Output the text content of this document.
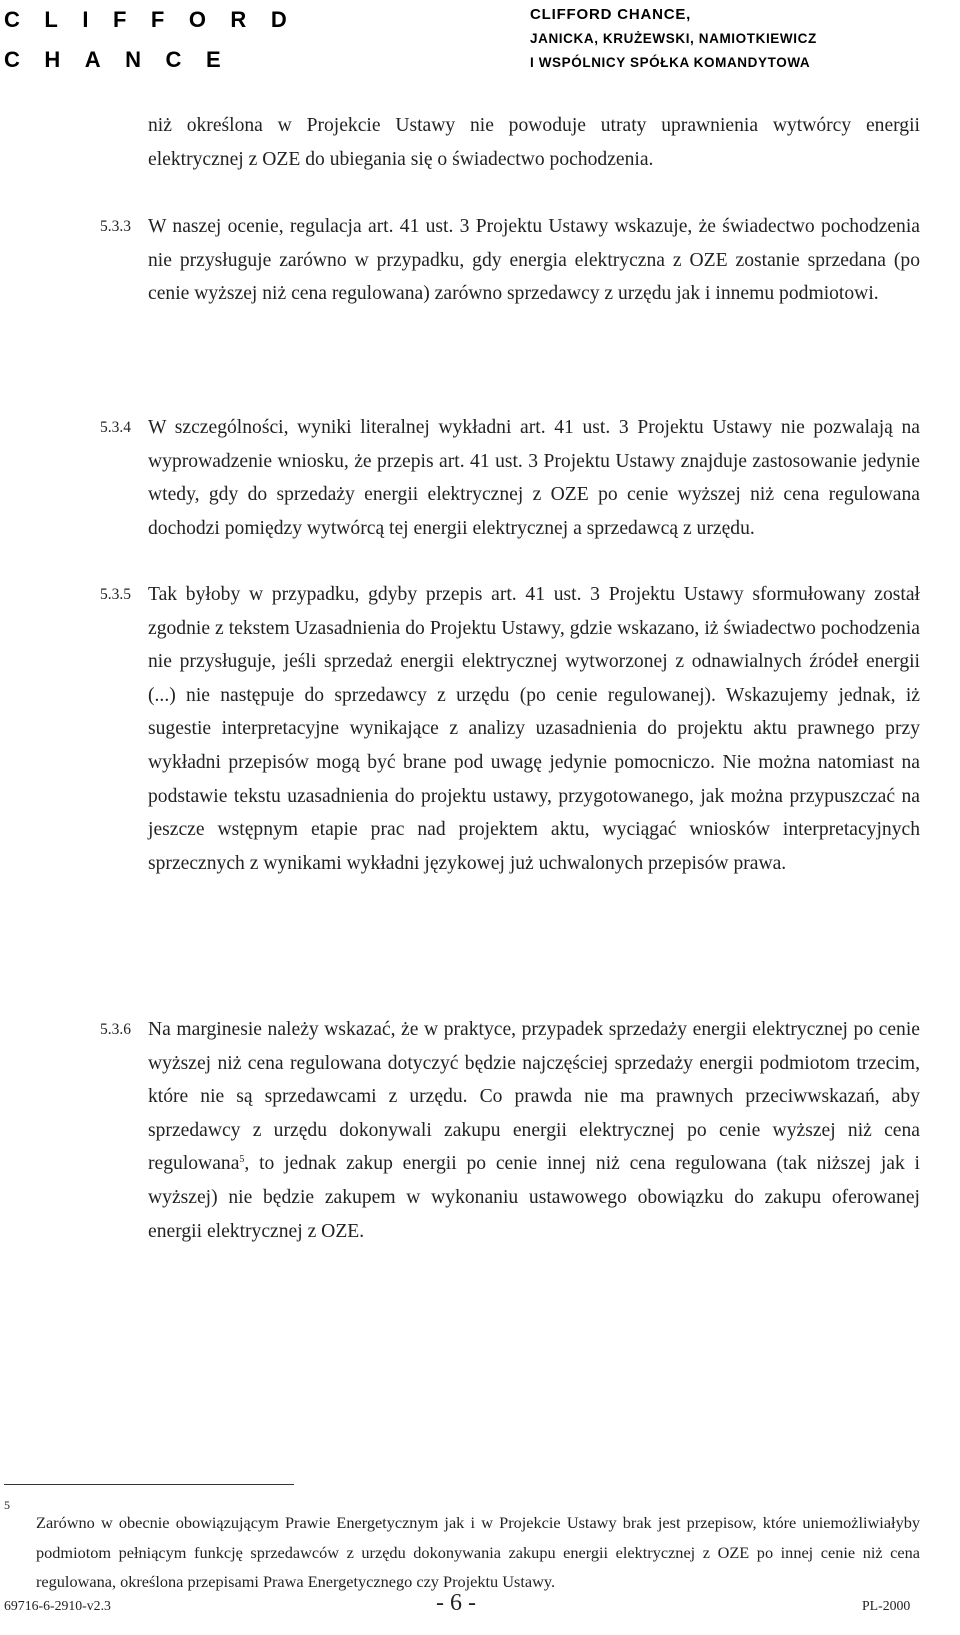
CLIFFORD
CHANCE
CLIFFORD CHANCE,
JANICKA, KRUŻEWSKI, NAMIOTKIEWICZ
I WSPÓLNICY SPÓŁKA KOMANDYTOWA
niż określona w Projekcie Ustawy nie powoduje utraty uprawnienia wytwórcy energii elektrycznej z OZE do ubiegania się o świadectwo pochodzenia.
5.3.3 W naszej ocenie, regulacja art. 41 ust. 3 Projektu Ustawy wskazuje, że świadectwo pochodzenia nie przysługuje zarówno w przypadku, gdy energia elektryczna z OZE zostanie sprzedana (po cenie wyższej niż cena regulowana) zarówno sprzedawcy z urzędu jak i innemu podmiotowi.
5.3.4 W szczególności, wyniki literalnej wykładni art. 41 ust. 3 Projektu Ustawy nie pozwalają na wyprowadzenie wniosku, że przepis art. 41 ust. 3 Projektu Ustawy znajduje zastosowanie jedynie wtedy, gdy do sprzedaży energii elektrycznej z OZE po cenie wyższej niż cena regulowana dochodzi pomiędzy wytwórcą tej energii elektrycznej a sprzedawcą z urzędu.
5.3.5 Tak byłoby w przypadku, gdyby przepis art. 41 ust. 3 Projektu Ustawy sformułowany został zgodnie z tekstem Uzasadnienia do Projektu Ustawy, gdzie wskazano, iż świadectwo pochodzenia nie przysługuje, jeśli sprzedaż energii elektrycznej wytworzonej z odnawialnych źródeł energii (...) nie następuje do sprzedawcy z urzędu (po cenie regulowanej). Wskazujemy jednak, iż sugestie interpretacyjne wynikające z analizy uzasadnienia do projektu aktu prawnego przy wykładni przepisów mogą być brane pod uwagę jedynie pomocniczo. Nie można natomiast na podstawie tekstu uzasadnienia do projektu ustawy, przygotowanego, jak można przypuszczać na jeszcze wstępnym etapie prac nad projektem aktu, wyciągać wniosków interpretacyjnych sprzecznych z wynikami wykładni językowej już uchwalonych przepisów prawa.
5.3.6 Na marginesie należy wskazać, że w praktyce, przypadek sprzedaży energii elektrycznej po cenie wyższej niż cena regulowana dotyczyć będzie najczęściej sprzedaży energii podmiotom trzecim, które nie są sprzedawcami z urzędu. Co prawda nie ma prawnych przeciwwskazań, aby sprzedawcy z urzędu dokonywali zakupu energii elektrycznej po cenie wyższej niż cena regulowana$^5$, to jednak zakup energii po cenie innej niż cena regulowana (tak niższej jak i wyższej) nie będzie zakupem w wykonaniu ustawowego obowiązku do zakupu oferowanej energii elektrycznej z OZE.
5
Zarówno w obecnie obowiązującym Prawie Energetycznym jak i w Projekcie Ustawy brak jest przepisow, które uniemożliwiałyby podmiotom pełniącym funkcję sprzedawców z urzędu dokonywania zakupu energii elektrycznej z OZE po innej cenie niż cena regulowana, określona przepisami Prawa Energetycznego czy Projektu Ustawy.
69716-6-2910-v2.3	- 6 -	PL-2000
